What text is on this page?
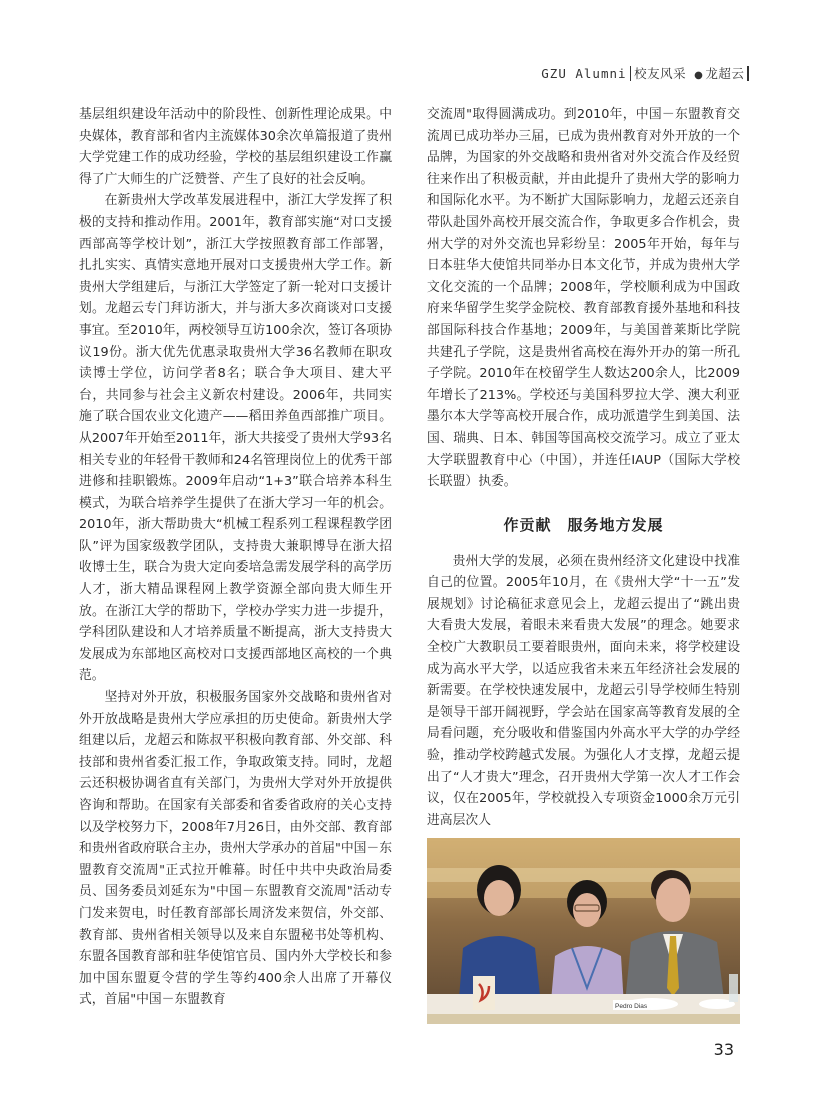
GZU Alumni 校友风采 ● 龙超云

基层组织建设年活动中的阶段性、创新性理论成果。中央媒体，教育部和省内主流媒体30余次单篇报道了贵州大学党建工作的成功经验，学校的基层组织建设工作赢得了广大师生的广泛赞誉、产生了良好的社会反响。

在新贵州大学改革发展进程中，浙江大学发挥了积极的支持和推动作用。2001年，教育部实施“对口支援西部高等学校计划”，浙江大学按照教育部工作部署，扎扎实实、真情实意地开展对口支援贵州大学工作。新贵州大学组建后，与浙江大学签定了新一轮对口支援计划。龙超云专门拜访浙大，并与浙大多次商谈对口支援事宜。至2010年，两校领导互访100余次，签订各项协议19份。浙大优先优惠录取贵州大学36名教师在职攻读博士学位，访问学者8名；联合争大项目、建大平台，共同参与社会主义新农村建设。2006年，共同实施了联合国农业文化遗产——稻田养鱼西部推广项目。从2007年开始至2011年，浙大共接受了贵州大学93名相关专业的年轻骨干教师和24名管理岗位上的优秀干部进修和挂职锻炼。2009年启动“1+3”联合培养本科生模式，为联合培养学生提供了在浙大学习一年的机会。2010年，浙大帮助贵大“机械工程系列工程课程教学团队”评为国家级教学团队，支持贵大兼职博导在浙大招收博士生，联合为贵大定向委培急需发展学科的高学历人才，浙大精品课程网上教学资源全部向贵大师生开放。在浙江大学的帮助下，学校办学实力进一步提升，学科团队建设和人才培养质量不断提高，浙大支持贵大发展成为东部地区高校对口支援西部地区高校的一个典范。

坚持对外开放，积极服务国家外交战略和贵州省对外开放战略是贵州大学应承担的历史使命。新贵州大学组建以后，龙超云和陈叔平积极向教育部、外交部、科技部和贵州省委汇报工作，争取政策支持。同时，龙超云还积极协调省直有关部门，为贵州大学对外开放提供咨询和帮助。在国家有关部委和省委省政府的关心支持以及学校努力下，2008年7月26日，由外交部、教育部和贵州省政府联合主办，贵州大学承办的首届"中国－东盟教育交流周"正式拉开帷幕。时任中共中央政治局委员、国务委员刘延东为"中国－东盟教育交流周"活动专门发来贺电，时任教育部部长周济发来贺信，外交部、教育部、贵州省相关领导以及来自东盟秘书处等机构、东盟各国教育部和驻华使馆官员、国内外大学校长和参加中国东盟夏令营的学生等约400余人出席了开幕仪式，首届"中国－东盟教育

交流周"取得圆满成功。到2010年，中国－东盟教育交流周已成功举办三届，已成为贵州教育对外开放的一个品牌，为国家的外交战略和贵州省对外交流合作及经贸往来作出了积极贡献，并由此提升了贵州大学的影响力和国际化水平。为不断扩大国际影响力，龙超云还亲自带队赴国外高校开展交流合作，争取更多合作机会，贵州大学的对外交流也异彩纷呈：2005年开始，每年与日本驻华大使馆共同举办日本文化节，并成为贵州大学文化交流的一个品牌；2008年，学校顺利成为中国政府来华留学生奖学金院校、教育部教育援外基地和科技部国际科技合作基地；2009年，与美国普莱斯比学院共建孔子学院，这是贵州省高校在海外开办的第一所孔子学院。2010年在校留学生人数达200余人，比2009年增长了213%。学校还与美国科罗拉大学、澳大利亚墨尔本大学等高校开展合作，成功派遣学生到美国、法国、瑞典、日本、韩国等国高校交流学习。成立了亚太大学联盟教育中心（中国），并连任IAUP（国际大学校长联盟）执委。

作贡献　服务地方发展

贵州大学的发展，必须在贵州经济文化建设中找准自己的位置。2005年10月，在《贵州大学“十一五”发展规划》讨论稿征求意见会上，龙超云提出了“跳出贵大看贵大发展，着眼未来看贵大发展”的理念。她要求全校广大教职员工要着眼贵州，面向未来，将学校建设成为高水平大学，以适应我省未来五年经济社会发展的新需要。在学校快速发展中，龙超云引导学校师生特别是领导干部开阔视野，学会站在国家高等教育发展的全局看问题，充分吸收和借鉴国内外高水平大学的办学经验，推动学校跨越式发展。为强化人才支撑，龙超云提出了“人才贵大”理念，召开贵州大学第一次人才工作会议，仅在2005年，学校就投入专项资金1000余万元引进高层次人

Pedro Dias
33
